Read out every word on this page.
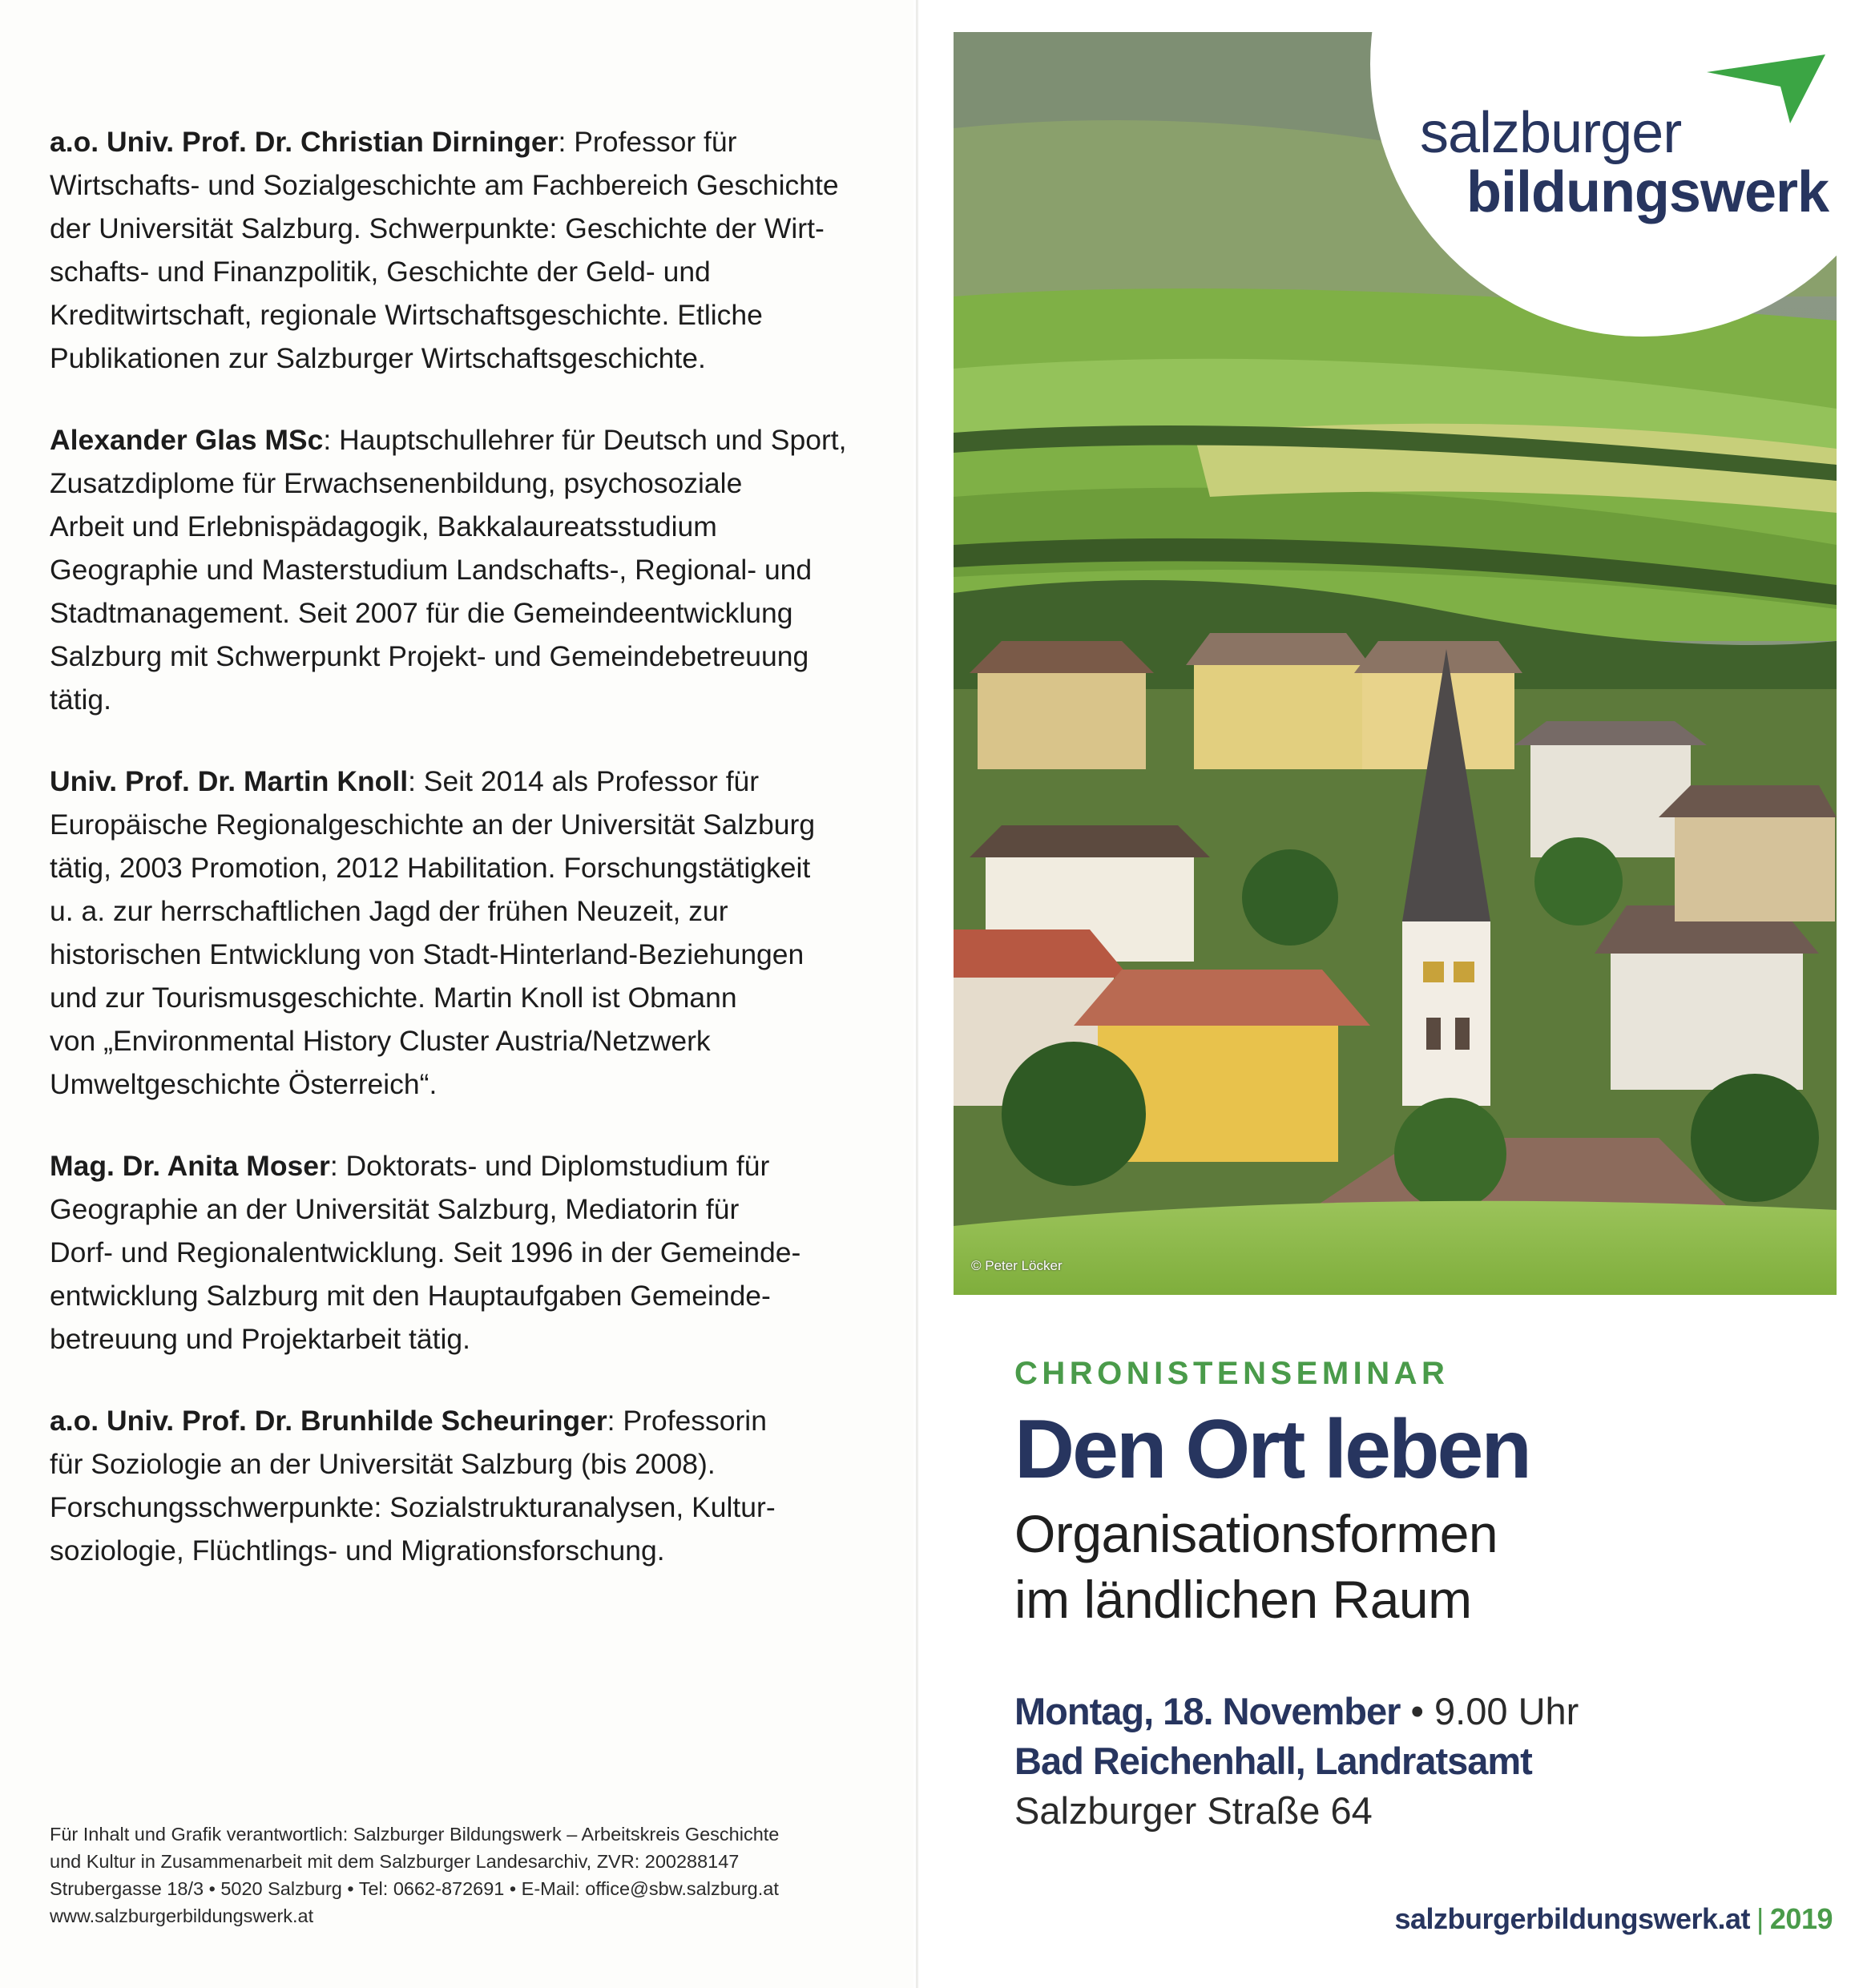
a.o. Univ. Prof. Dr. Christian Dirninger: Professor für
Wirtschafts- und Sozialgeschichte am Fachbereich Geschichte
der Universität Salzburg. Schwerpunkte: Geschichte der Wirt-
schafts- und Finanzpolitik, Geschichte der Geld- und
Kreditwirtschaft, regionale Wirtschaftsgeschichte. Etliche
Publikationen zur Salzburger Wirtschaftsgeschichte.
Alexander Glas MSc: Hauptschullehrer für Deutsch und Sport,
Zusatzdiplome für Erwachsenenbildung, psychosoziale
Arbeit und Erlebnispädagogik, Bakkalaureatsstudium
Geographie und Masterstudium Landschafts-, Regional- und
Stadtmanagement. Seit 2007 für die Gemeindeentwicklung
Salzburg mit Schwerpunkt Projekt- und Gemeindebetreuung
tätig.
Univ. Prof. Dr. Martin Knoll: Seit 2014 als Professor für
Europäische Regionalgeschichte an der Universität Salzburg
tätig, 2003 Promotion, 2012 Habilitation. Forschungstätigkeit
u. a. zur herrschaftlichen Jagd der frühen Neuzeit, zur
historischen Entwicklung von Stadt-Hinterland-Beziehungen
und zur Tourismusgeschichte. Martin Knoll ist Obmann
von „Environmental History Cluster Austria/Netzwerk
Umweltgeschichte Österreich“.
Mag. Dr. Anita Moser: Doktorats- und Diplomstudium für
Geographie an der Universität Salzburg, Mediatorin für
Dorf- und Regionalentwicklung. Seit 1996 in der Gemeinde-
entwicklung Salzburg mit den Hauptaufgaben Gemeinde-
betreuung und Projektarbeit tätig.
a.o. Univ. Prof. Dr. Brunhilde Scheuringer: Professorin
für Soziologie an der Universität Salzburg (bis 2008).
Forschungsschwerpunkte: Sozialstrukturanalysen, Kultur-
soziologie, Flüchtlings- und Migrationsforschung.
Für Inhalt und Grafik verantwortlich: Salzburger Bildungswerk – Arbeitskreis Geschichte
und Kultur in Zusammenarbeit mit dem Salzburger Landesarchiv, ZVR: 200288147
Strubergasse 18/3 • 5020 Salzburg • Tel: 0662-872691 • E-Mail: office@sbw.salzburg.at
www.salzburgerbildungswerk.at
© Peter Löcker
salzburger
bildungswerk
CHRONISTENSEMINAR
Den Ort leben
Organisationsformen
im ländlichen Raum
Montag, 18. November • 9.00 Uhr
Bad Reichenhall, Landratsamt
Salzburger Straße 64
salzburgerbildungswerk.at | 2019
